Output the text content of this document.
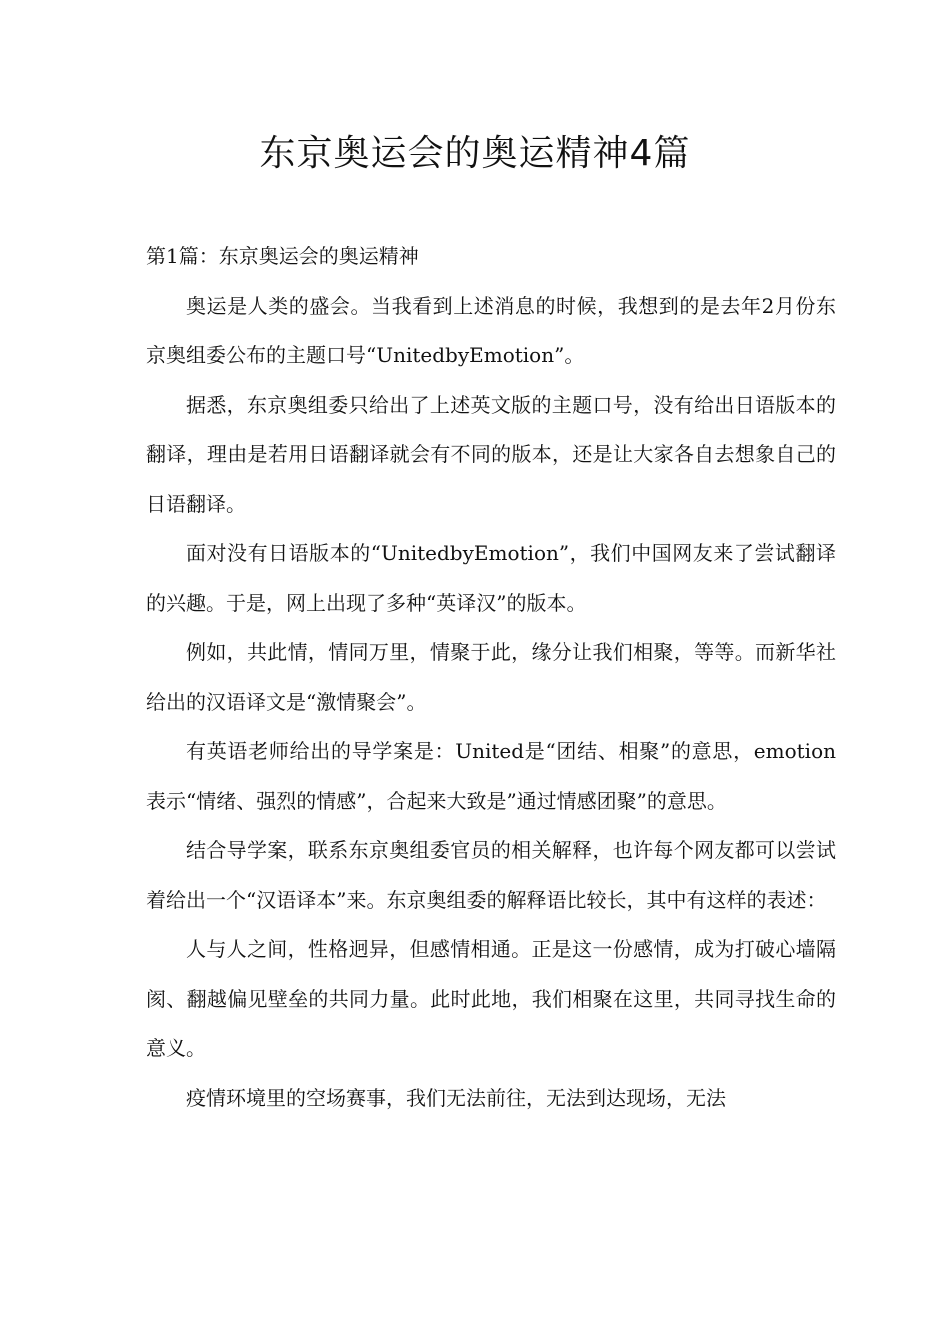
东京奥运会的奥运精神4篇
第1篇：东京奥运会的奥运精神

奥运是人类的盛会。当我看到上述消息的时候，我想到的是去年2月份东京奥组委公布的主题口号“UnitedbyEmotion”。

据悉，东京奥组委只给出了上述英文版的主题口号，没有给出日语版本的翻译，理由是若用日语翻译就会有不同的版本，还是让大家各自去想象自己的日语翻译。

面对没有日语版本的“UnitedbyEmotion”，我们中国网友来了尝试翻译的兴趣。于是，网上出现了多种“英译汉”的版本。

例如，共此情，情同万里，情聚于此，缘分让我们相聚，等等。而新华社给出的汉语译文是“激情聚会”。

有英语老师给出的导学案是：United是“团结、相聚”的意思，emotion表示“情绪、强烈的情感”，合起来大致是”通过情感团聚”的意思。

结合导学案，联系东京奥组委官员的相关解释，也许每个网友都可以尝试着给出一个“汉语译本”来。东京奥组委的解释语比较长，其中有这样的表述：

人与人之间，性格迥异，但感情相通。正是这一份感情，成为打破心墙隔阂、翻越偏见壁垒的共同力量。此时此地，我们相聚在这里，共同寻找生命的意义。

疫情环境里的空场赛事，我们无法前往，无法到达现场，无法
